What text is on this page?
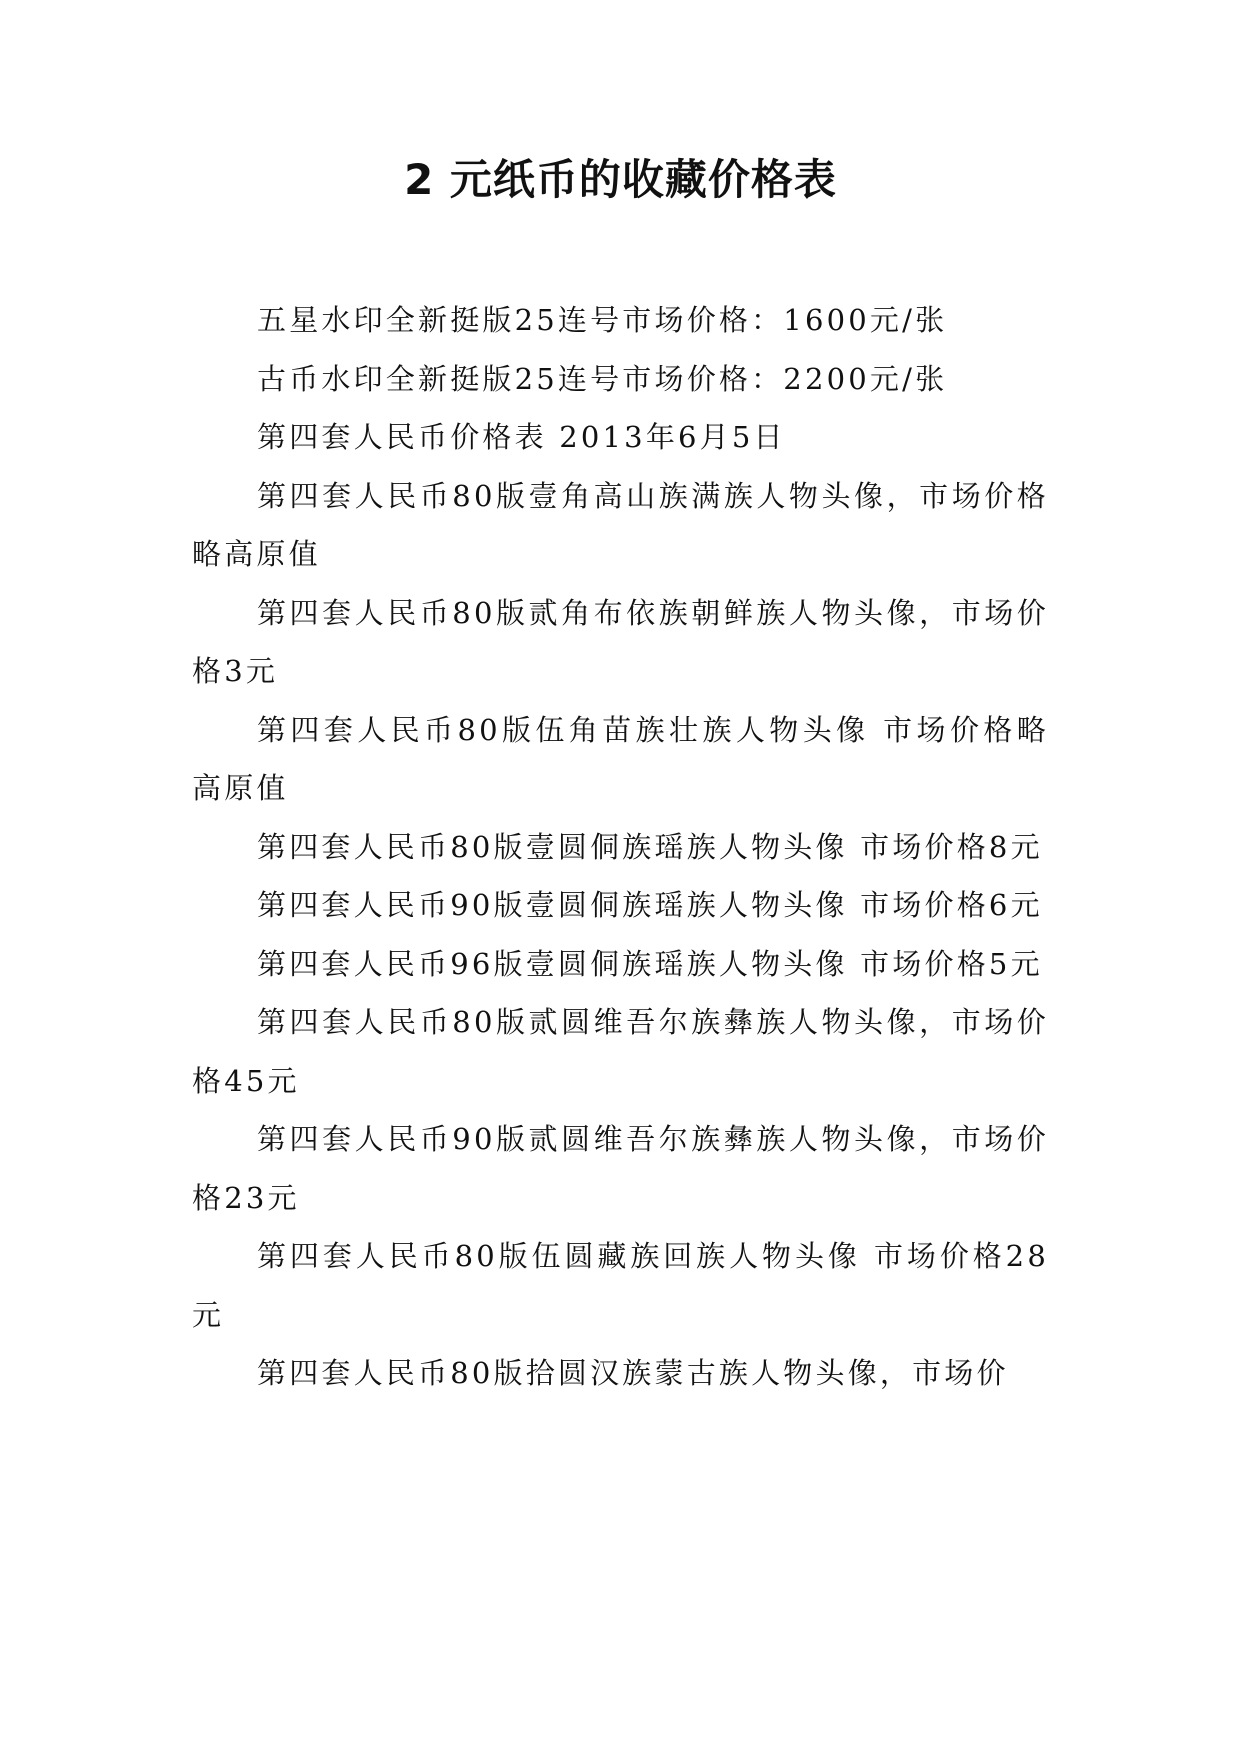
2 元纸币的收藏价格表

五星水印全新挺版25连号市场价格：1600元/张

古币水印全新挺版25连号市场价格：2200元/张

第四套人民币价格表 2013年6月5日

第四套人民币80版壹角高山族满族人物头像，市场价格略高原值

第四套人民币80版贰角布依族朝鲜族人物头像，市场价格3元

第四套人民币80版伍角苗族壮族人物头像 市场价格略高原值

第四套人民币80版壹圆侗族瑶族人物头像 市场价格8元

第四套人民币90版壹圆侗族瑶族人物头像 市场价格6元

第四套人民币96版壹圆侗族瑶族人物头像 市场价格5元

第四套人民币80版贰圆维吾尔族彝族人物头像，市场价格45元

第四套人民币90版贰圆维吾尔族彝族人物头像，市场价格23元

第四套人民币80版伍圆藏族回族人物头像 市场价格28元

第四套人民币80版拾圆汉族蒙古族人物头像，市场价
